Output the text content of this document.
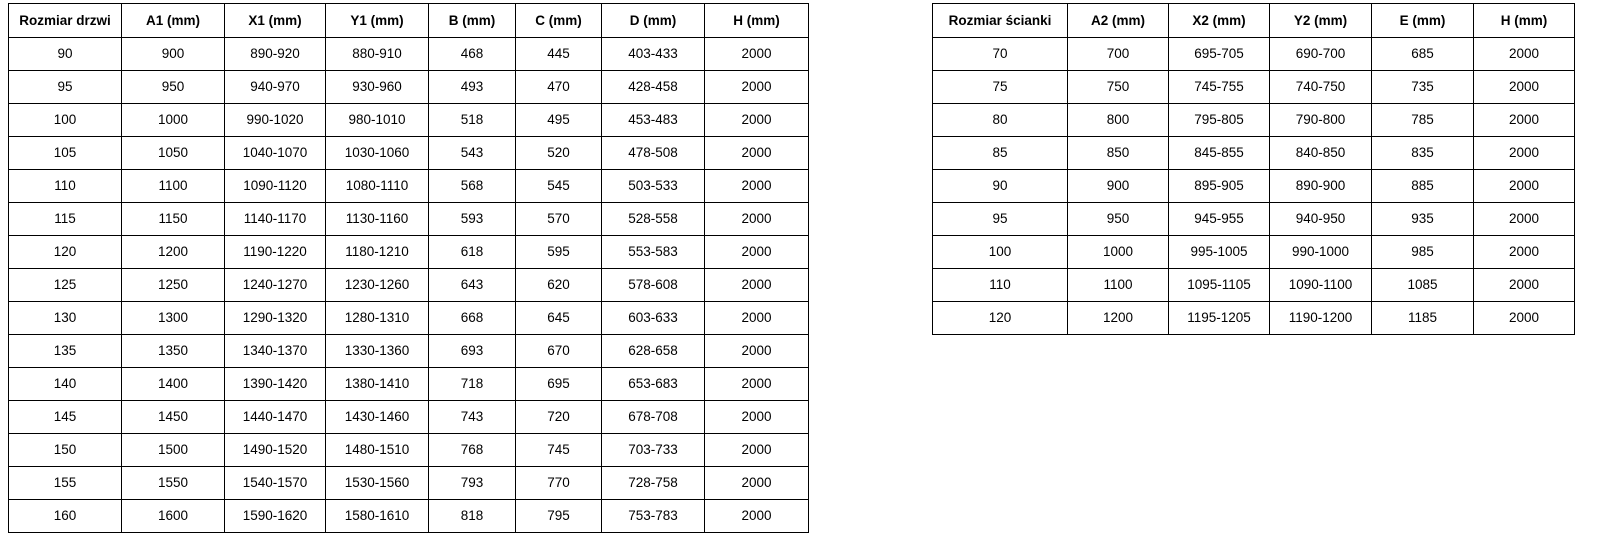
Rozmiar drzwi	A1 (mm)	X1 (mm)	Y1 (mm)	B (mm)	C (mm)	D (mm)	H (mm)
90	900	890-920	880-910	468	445	403-433	2000
95	950	940-970	930-960	493	470	428-458	2000
100	1000	990-1020	980-1010	518	495	453-483	2000
105	1050	1040-1070	1030-1060	543	520	478-508	2000
110	1100	1090-1120	1080-1110	568	545	503-533	2000
115	1150	1140-1170	1130-1160	593	570	528-558	2000
120	1200	1190-1220	1180-1210	618	595	553-583	2000
125	1250	1240-1270	1230-1260	643	620	578-608	2000
130	1300	1290-1320	1280-1310	668	645	603-633	2000
135	1350	1340-1370	1330-1360	693	670	628-658	2000
140	1400	1390-1420	1380-1410	718	695	653-683	2000
145	1450	1440-1470	1430-1460	743	720	678-708	2000
150	1500	1490-1520	1480-1510	768	745	703-733	2000
155	1550	1540-1570	1530-1560	793	770	728-758	2000
160	1600	1590-1620	1580-1610	818	795	753-783	2000
Rozmiar ścianki	A2 (mm)	X2 (mm)	Y2 (mm)	E (mm)	H (mm)
70	700	695-705	690-700	685	2000
75	750	745-755	740-750	735	2000
80	800	795-805	790-800	785	2000
85	850	845-855	840-850	835	2000
90	900	895-905	890-900	885	2000
95	950	945-955	940-950	935	2000
100	1000	995-1005	990-1000	985	2000
110	1100	1095-1105	1090-1100	1085	2000
120	1200	1195-1205	1190-1200	1185	2000
